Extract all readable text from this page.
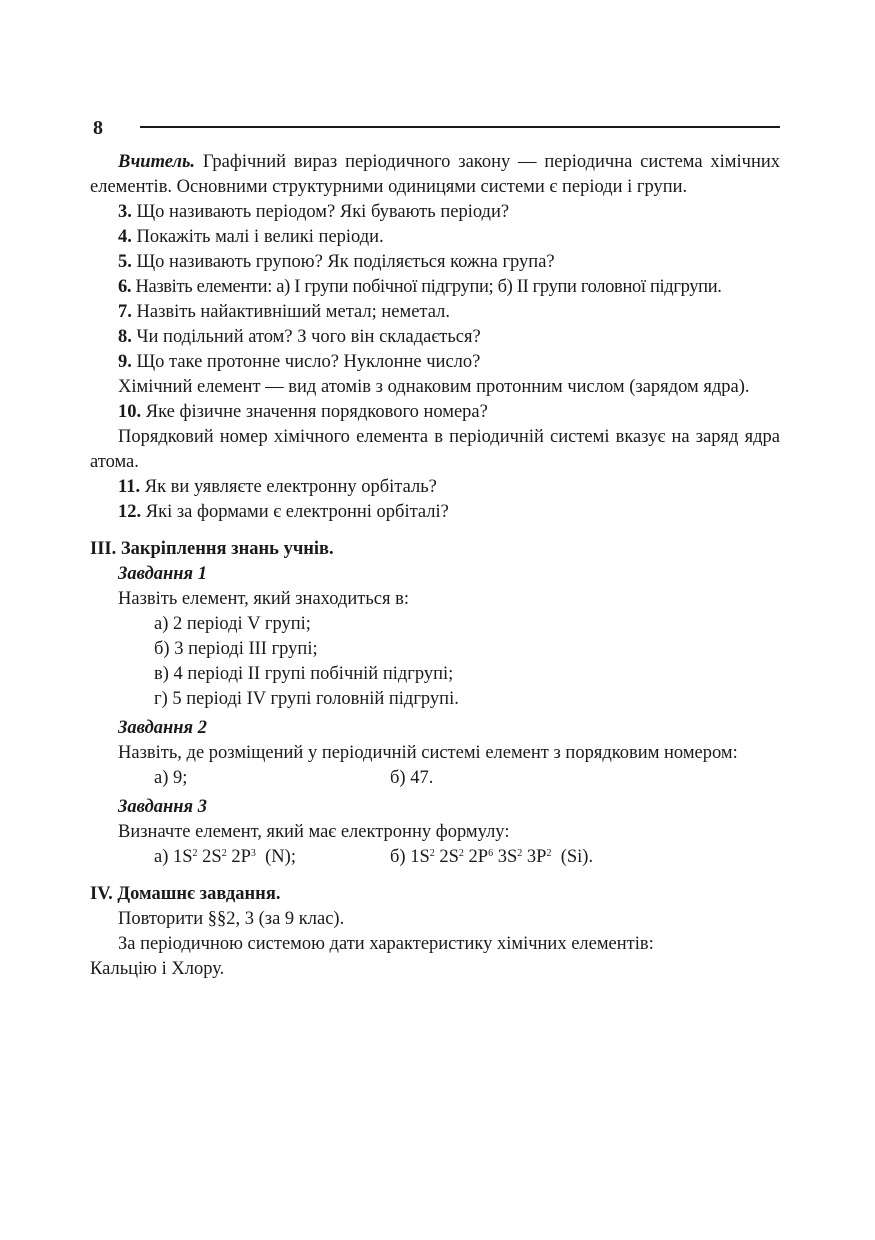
8

Вчитель. Графічний вираз періодичного закону — періодична система хімічних елементів. Основними структурними одиницями системи є періоди і групи.

3. Що називають періодом? Які бувають періоди?

4. Покажіть малі і великі періоди.

5. Що називають групою? Як поділяється кожна група?

6. Назвіть елементи: а) І групи побічної підгрупи; б) ІІ групи головної підгрупи.

7. Назвіть найактивніший метал; неметал.

8. Чи подільний атом? З чого він складається?

9. Що таке протонне число? Нуклонне число?

Хімічний елемент — вид атомів з однаковим протонним числом (зарядом ядра).

10. Яке фізичне значення порядкового номера?

Порядковий номер хімічного елемента в періодичній системі вказує на заряд ядра атома.

11. Як ви уявляєте електронну орбіталь?

12. Які за формами є електронні орбіталі?

ІІІ. Закріплення знань учнів.

Завдання 1

Назвіть елемент, який знаходиться в:

а) 2 періоді V групі;

б) 3 періоді ІІІ групі;

в) 4 періоді ІІ групі побічній підгрупі;

г) 5 періоді IV групі головній підгрупі.

Завдання 2

Назвіть, де розміщений у періодичній системі елемент з порядковим номером:

а) 9;	б) 47.

Завдання 3

Визначте елемент, який має електронну формулу:

а) $1S^2$ $2S^2$ $2P^3$  (N);	б) $1S^2$ $2S^2$ $2P^6$ $3S^2$ $3P^2$  (Si).

IV. Домашнє завдання.

Повторити §§2, 3 (за 9 клас).

За періодичною системою дати характеристику хімічних елементів:

Кальцію і Хлору.
